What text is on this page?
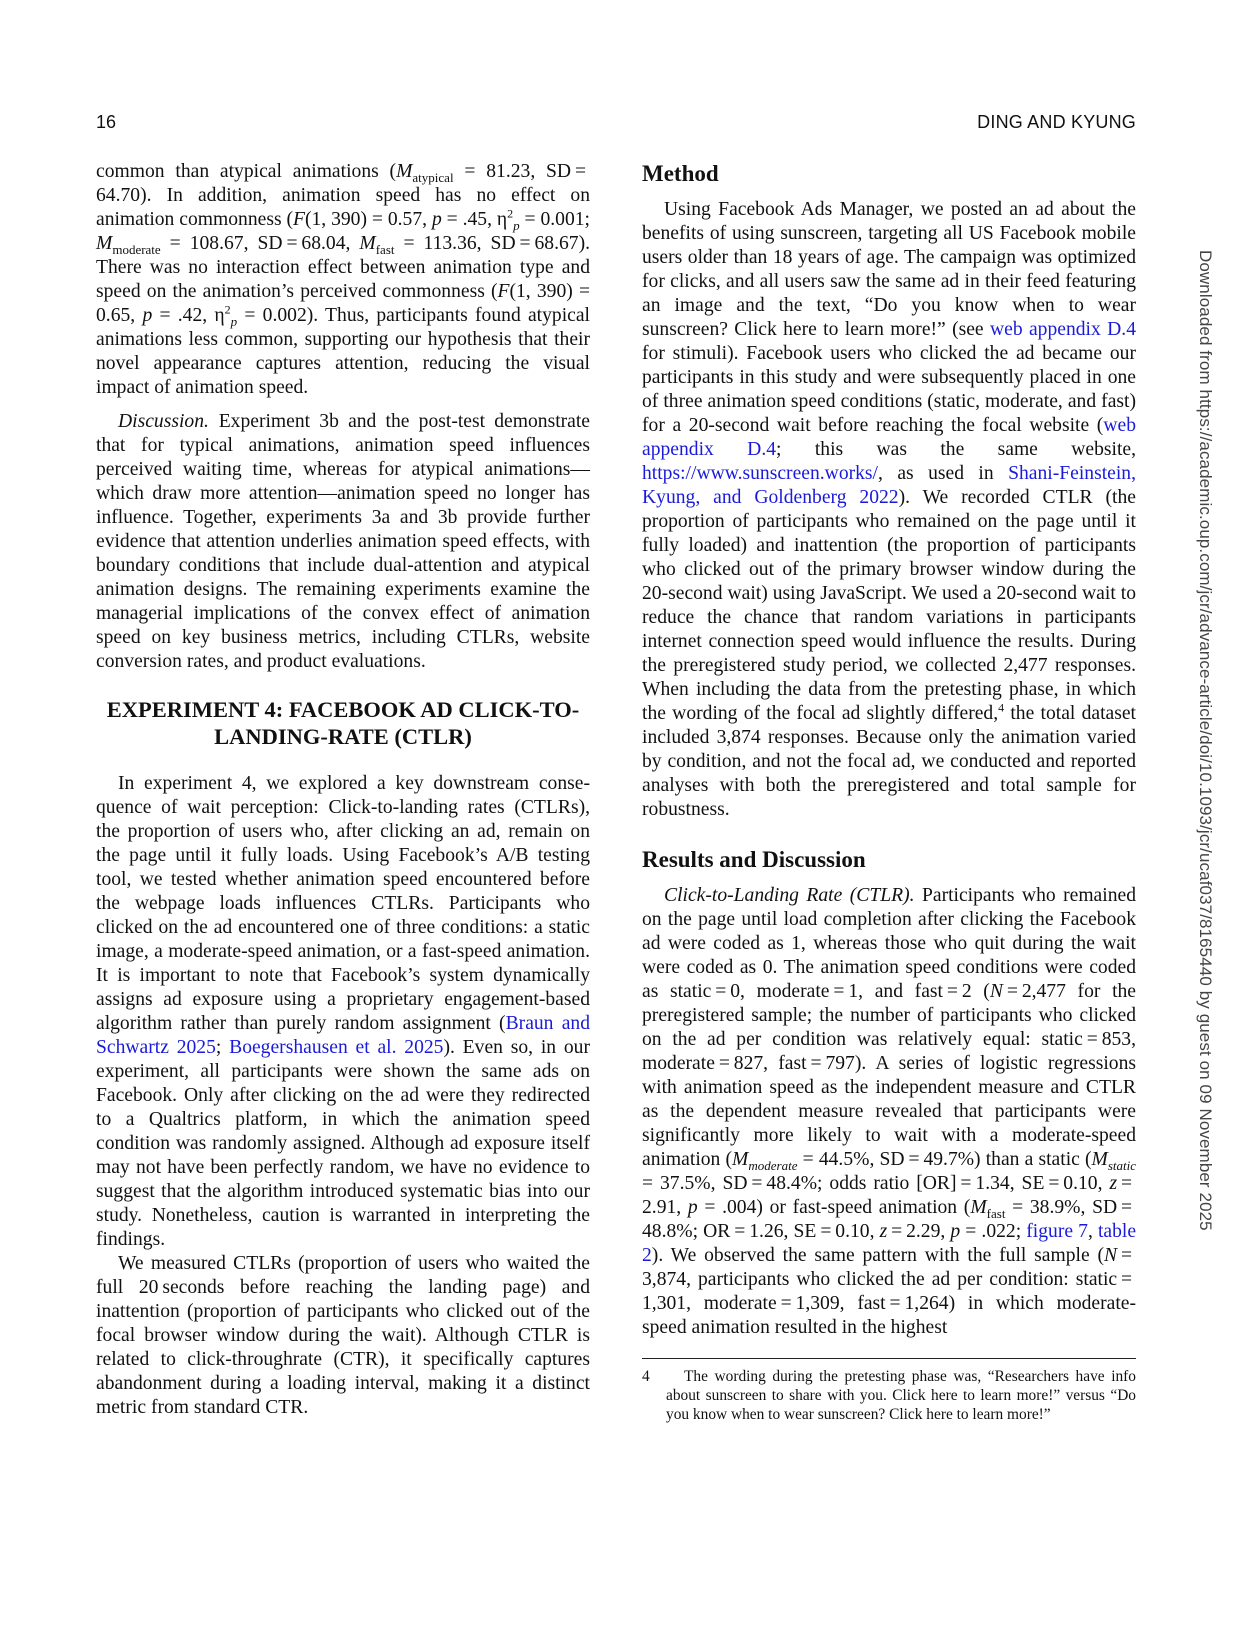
16	DING AND KYUNG

common than atypical animations ($M_{atypical} = 81.23$, SD = 64.70). In addition, animation speed has no effect on animation commonness (F(1, 390) = 0.57, p = .45, $\eta^2_p = 0.001$; $M_{moderate} = 108.67$, SD = 68.04, $M_{fast} = 113.36$, SD = 68.67). There was no interaction effect between animation type and speed on the animation’s perceived commonness (F(1, 390) = 0.65, p = .42, $\eta^2_p = 0.002$). Thus, participants found atypical animations less common, supporting our hypothesis that their novel appearance captures attention, reducing the visual impact of animation speed.

Discussion. Experiment 3b and the post-test demonstrate that for typical animations, animation speed influences perceived waiting time, whereas for atypical animations—which draw more attention—animation speed no longer has influence. Together, experiments 3a and 3b provide further evidence that attention underlies animation speed effects, with boundary conditions that include dual-attention and atypical animation designs. The remaining experiments examine the managerial implications of the convex effect of animation speed on key business metrics, including CTLRs, website conversion rates, and product evaluations.

EXPERIMENT 4: FACEBOOK AD CLICK-TO-LANDING-RATE (CTLR)

In experiment 4, we explored a key downstream consequence of wait perception: Click-to-landing rates (CTLRs), the proportion of users who, after clicking an ad, remain on the page until it fully loads. Using Facebook’s A/B testing tool, we tested whether animation speed encountered before the webpage loads influences CTLRs. Participants who clicked on the ad encountered one of three conditions: a static image, a moderate-speed animation, or a fast-speed animation. It is important to note that Facebook’s system dynamically assigns ad exposure using a proprietary engagement-based algorithm rather than purely random assignment (Braun and Schwartz 2025; Boegershausen et al. 2025). Even so, in our experiment, all participants were shown the same ads on Facebook. Only after clicking on the ad were they redirected to a Qualtrics platform, in which the animation speed condition was randomly assigned. Although ad exposure itself may not have been perfectly random, we have no evidence to suggest that the algorithm introduced systematic bias into our study. Nonetheless, caution is warranted in interpreting the findings.

We measured CTLRs (proportion of users who waited the full 20 seconds before reaching the landing page) and inattention (proportion of participants who clicked out of the focal browser window during the wait). Although CTLR is related to click-throughrate (CTR), it specifically captures abandonment during a loading interval, making it a distinct metric from standard CTR.

Method

Using Facebook Ads Manager, we posted an ad about the benefits of using sunscreen, targeting all US Facebook mobile users older than 18 years of age. The campaign was optimized for clicks, and all users saw the same ad in their feed featuring an image and the text, “Do you know when to wear sunscreen? Click here to learn more!” (see web appendix D.4 for stimuli). Facebook users who clicked the ad became our participants in this study and were subsequently placed in one of three animation speed conditions (static, moderate, and fast) for a 20-second wait before reaching the focal website (web appendix D.4; this was the same website, https://www.sunscreen.works/, as used in Shani-Feinstein, Kyung, and Goldenberg 2022). We recorded CTLR (the proportion of participants who remained on the page until it fully loaded) and inattention (the proportion of participants who clicked out of the primary browser window during the 20-second wait) using JavaScript. We used a 20-second wait to reduce the chance that random variations in participants internet connection speed would influence the results. During the preregistered study period, we collected 2,477 responses. When including the data from the pretesting phase, in which the wording of the focal ad slightly differed,$^4$ the total dataset included 3,874 responses. Because only the animation varied by condition, and not the focal ad, we conducted and reported analyses with both the preregistered and total sample for robustness.

Results and Discussion

Click-to-Landing Rate (CTLR). Participants who remained on the page until load completion after clicking the Facebook ad were coded as 1, whereas those who quit during the wait were coded as 0. The animation speed conditions were coded as static = 0, moderate = 1, and fast = 2 (N = 2,477 for the preregistered sample; the number of participants who clicked on the ad per condition was relatively equal: static = 853, moderate = 827, fast = 797). A series of logistic regressions with animation speed as the independent measure and CTLR as the dependent measure revealed that participants were significantly more likely to wait with a moderate-speed animation ($M_{moderate} = 44.5\%$, SD = 49.7%) than a static ($M_{static} = 37.5\%$, SD = 48.4%; odds ratio [OR] = 1.34, SE = 0.10, z = 2.91, p = .004) or fast-speed animation ($M_{fast} = 38.9\%$, SD = 48.8%; OR = 1.26, SE = 0.10, z = 2.29, p = .022; figure 7, table 2). We observed the same pattern with the full sample (N = 3,874, participants who clicked the ad per condition: static = 1,301, moderate = 1,309, fast = 1,264) in which moderate-speed animation resulted in the highest

4	The wording during the pretesting phase was, “Researchers have info about sunscreen to share with you. Click here to learn more!” versus “Do you know when to wear sunscreen? Click here to learn more!”
Downloaded from https://academic.oup.com/jcr/advance-article/doi/10.1093/jcr/ucaf037/8165440 by guest on 09 November 2025
